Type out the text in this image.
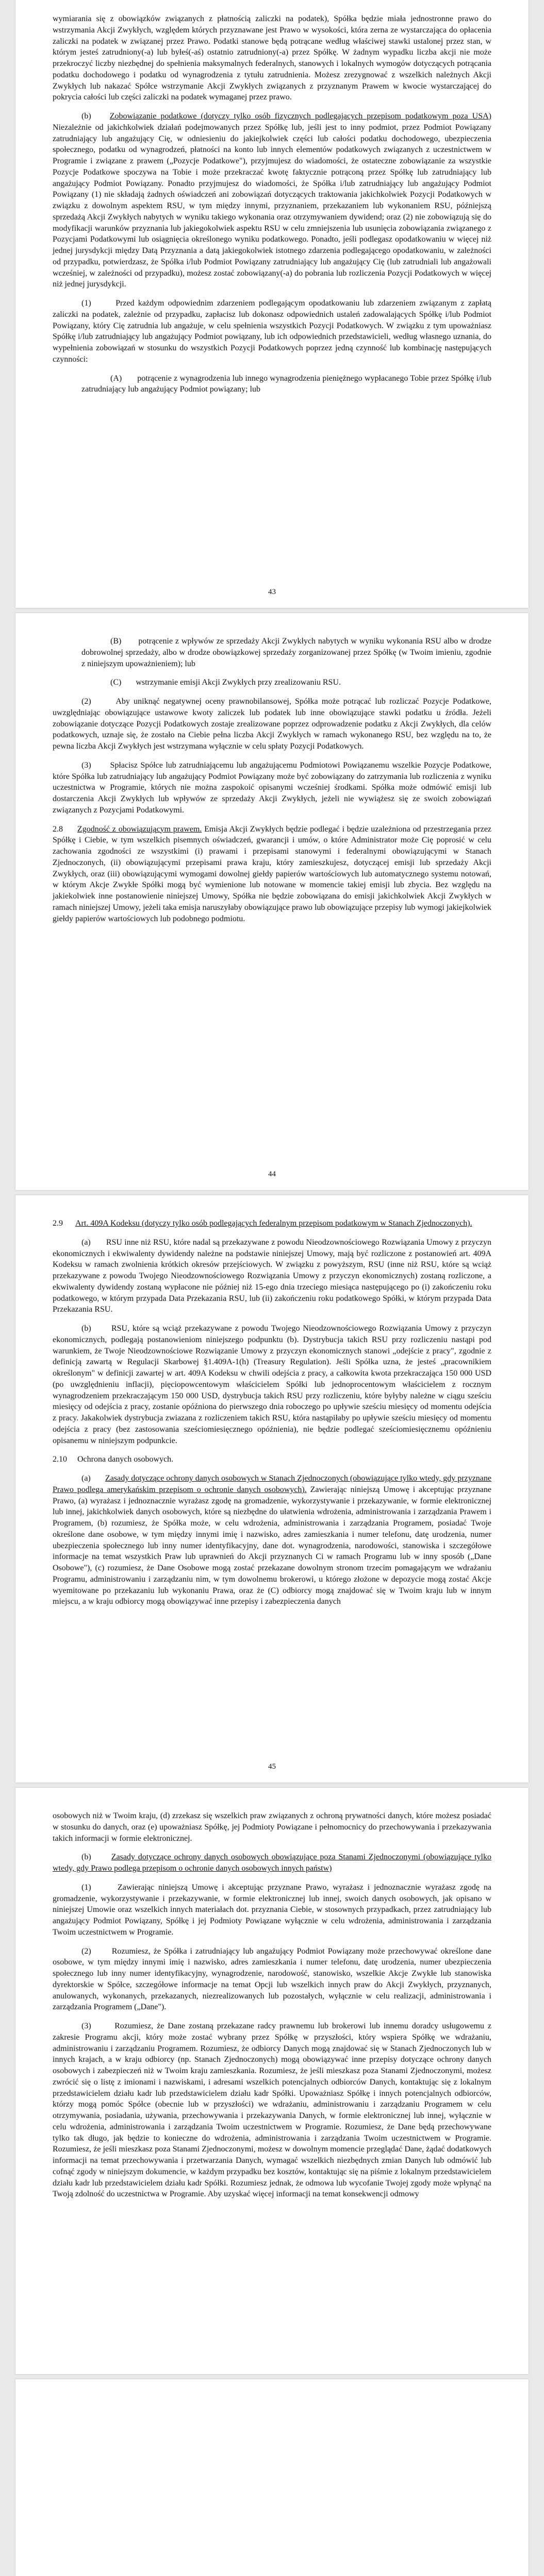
wymiarania się z obowiązków związanych z płatnością zaliczki na podatek), Spółka będzie miała jednostronne prawo do wstrzymania Akcji Zwykłych, względem których przyznawane jest Prawo w wysokości, która zerna ze wystarczająca do opłacenia zaliczki na podatek w związanej przez Prawo. Podatki stanowe będą potrącane według właściwej stawki ustalonej przez stan, w którym jesteś zatrudniony(-a) lub byłeś(-aś) ostatnio zatrudniony(-a) przez Spółkę. W żadnym wypadku liczba akcji nie może przekroczyć liczby niezbędnej do spełnienia maksymalnych federalnych, stanowych i lokalnych wymogów dotyczących potrącania podatku dochodowego i podatku od wynagrodzenia z tytułu zatrudnienia. Możesz zrezygnować z wszelkich należnych Akcji Zwykłych lub nakazać Spółce wstrzymanie Akcji Zwykłych związanych z przyznanym Prawem w kwocie wystarczającej do pokrycia całości lub części zaliczki na podatek wymaganej przez prawo.

(b) Zobowiązanie podatkowe (dotyczy tylko osób fizycznych podlegających przepisom podatkowym poza USA) Niezależnie od jakichkolwiek działań podejmowanych przez Spółkę lub, jeśli jest to inny podmiot, przez Podmiot Powiązany zatrudniający lub angażujący Cię, w odniesieniu do jakiejkolwiek części lub całości podatku dochodowego, ubezpieczenia społecznego, podatku od wynagrodzeń, płatności na konto lub innych elementów podatkowych związanych z uczestnictwem w Programie i związane z prawem („Pozycje Podatkowe"), przyjmujesz do wiadomości, że ostateczne zobowiązanie za wszystkie Pozycje Podatkowe spoczywa na Tobie i może przekraczać kwotę faktycznie potrąconą przez Spółkę lub zatrudniający lub angażujący Podmiot Powiązany. Ponadto przyjmujesz do wiadomości, że Spółka i/lub zatrudniający lub angażujący Podmiot Powiązany (1) nie składają żadnych oświadczeń ani zobowiązań dotyczących traktowania jakichkolwiek Pozycji Podatkowych w związku z dowolnym aspektem RSU, w tym między innymi, przyznaniem, przekazaniem lub wykonaniem RSU, późniejszą sprzedażą Akcji Zwykłych nabytych w wyniku takiego wykonania oraz otrzymywaniem dywidend; oraz (2) nie zobowiązują się do modyfikacji warunków przyznania lub jakiegokolwiek aspektu RSU w celu zmniejszenia lub usunięcia zobowiązania związanego z Pozycjami Podatkowymi lub osiągnięcia określonego wyniku podatkowego. Ponadto, jeśli podlegasz opodatkowaniu w więcej niż jednej jurysdykcji między Datą Przyznania a datą jakiegokolwiek istotnego zdarzenia podlegającego opodatkowaniu, w zależności od przypadku, potwierdzasz, że Spółka i/lub Podmiot Powiązany zatrudniający lub angażujący Cię (lub zatrudniali lub angażowali wcześniej, w zależności od przypadku), możesz zostać zobowiązany(-a) do pobrania lub rozliczenia Pozycji Podatkowych w więcej niż jednej jurysdykcji.

(1)	Przed każdym odpowiednim zdarzeniem podlegającym opodatkowaniu lub zdarzeniem związanym z zapłatą zaliczki na podatek, zależnie od przypadku, zapłacisz lub dokonasz odpowiednich ustaleń zadowalających Spółkę i/lub Podmiot Powiązany, który Cię zatrudnia lub angażuje, w celu spełnienia wszystkich Pozycji Podatkowych. W związku z tym upoważniasz Spółkę i/lub zatrudniający lub angażujący Podmiot powiązany, lub ich odpowiednich przedstawicieli, według własnego uznania, do wypełnienia zobowiązań w stosunku do wszystkich Pozycji Podatkowych poprzez jedną czynność lub kombinację następujących czynności:

(A) potrącenie z wynagrodzenia lub innego wynagrodzenia pieniężnego wypłacanego Tobie przez Spółkę i/lub zatrudniający lub angażujący Podmiot powiązany; lub

43

(B) potrącenie z wpływów ze sprzedaży Akcji Zwykłych nabytych w wyniku wykonania RSU albo w drodze dobrowolnej sprzedaży, albo w drodze obowiązkowej sprzedaży zorganizowanej przez Spółkę (w Twoim imieniu, zgodnie z niniejszym upoważnieniem); lub

(C) wstrzymanie emisji Akcji Zwykłych przy zrealizowaniu RSU.

(2)	Aby uniknąć negatywnej oceny prawnobilansowej, Spółka może potrącać lub rozliczać Pozycje Podatkowe, uwzględniając obowiązujące ustawowe kwoty zaliczek lub podatek lub inne obowiązujące stawki podatku u źródła. Jeżeli zobowiązanie dotyczące Pozycji Podatkowych zostaje zrealizowane poprzez odprowadzenie podatku z Akcji Zwykłych, dla celów podatkowych, uznaje się, że zostało na Ciebie pełna liczba Akcji Zwykłych w ramach wykonanego RSU, bez względu na to, że pewna liczba Akcji Zwykłych jest wstrzymana wyłącznie w celu spłaty Pozycji Podatkowych.

(3) Spłacisz Spółce lub zatrudniającemu lub angażującemu Podmiotowi Powiązanemu wszelkie Pozycje Podatkowe, które Spółka lub zatrudniający lub angażujący Podmiot Powiązany może być zobowiązany do zatrzymania lub rozliczenia z wyniku uczestnictwa w Programie, których nie można zaspokoić opisanymi wcześniej środkami. Spółka może odmówić emisji lub dostarczenia Akcji Zwykłych lub wpływów ze sprzedaży Akcji Zwykłych, jeżeli nie wywiążesz się ze swoich zobowiązań związanych z Pozycjami Podatkowymi.

2.8 Zgodność z obowiązującym prawem. Emisja Akcji Zwykłych będzie podlegać i będzie uzależniona od przestrzegania przez Spółkę i Ciebie, w tym wszelkich pisemnych oświadczeń, gwarancji i umów, o które Administrator może Cię poprosić w celu zachowania zgodności ze wszystkimi (i) prawami i przepisami stanowymi i federalnymi obowiązującymi w Stanach Zjednoczonych, (ii) obowiązującymi przepisami prawa kraju, który zamieszkujesz, dotyczącej emisji lub sprzedaży Akcji Zwykłych, oraz (iii) obowiązującymi wymogami dowolnej giełdy papierów wartościowych lub automatycznego systemu notowań, w którym Akcje Zwykłe Spółki mogą być wymienione lub notowane w momencie takiej emisji lub zbycia. Bez względu na jakiekolwiek inne postanowienie niniejszej Umowy, Spółka nie będzie zobowiązana do emisji jakichkolwiek Akcji Zwykłych w ramach niniejszej Umowy, jeżeli taka emisja naruszyłaby obowiązujące prawo lub obowiązujące przepisy lub wymogi jakiejkolwiek giełdy papierów wartościowych lub podobnego podmiotu.

44

2.9 Art. 409A Kodeksu (dotyczy tylko osób podlegających federalnym przepisom podatkowym w Stanach Zjednoczonych).

(a) RSU inne niż RSU, które nadal są przekazywane z powodu Nieodzownościowego Rozwiązania Umowy z przyczyn ekonomicznych i ekwiwalenty dywidendy należne na podstawie niniejszej Umowy, mają być rozliczone z postanowień art. 409A Kodeksu w ramach zwolnienia krótkich okresów przejściowych. W związku z powyższym, RSU (inne niż RSU, które są wciąż przekazywane z powodu Twojego Nieodzownościowego Rozwiązania Umowy z przyczyn ekonomicznych) zostaną rozliczone, a ekwiwalenty dywidendy zostaną wypłacone nie później niż 15-ego dnia trzeciego miesiąca następującego po (i) zakończeniu roku podatkowego, w którym przypada Data Przekazania RSU, lub (ii) zakończeniu roku podatkowego Spółki, w którym przypada Data Przekazania RSU.

(b) RSU, które są wciąż przekazywane z powodu Twojego Nieodzownościowego Rozwiązania Umowy z przyczyn ekonomicznych, podlegają postanowieniom niniejszego podpunktu (b). Dystrybucja takich RSU przy rozliczeniu nastąpi pod warunkiem, że Twoje Nieodzownościowe Rozwiązanie Umowy z przyczyn ekonomicznych stanowi „odejście z pracy", zgodnie z definicją zawartą w Regulacji Skarbowej §1.409A-1(h) (Treasury Regulation). Jeśli Spółka uzna, że jesteś „pracownikiem określonym" w definicji zawartej w art. 409A Kodeksu w chwili odejścia z pracy, a całkowita kwota przekraczająca 150 000 USD (po uwzględnieniu inflacji), pięciopowcentowym właścicielem Spółki lub jednoprocentowym właścicielem z rocznym wynagrodzeniem przekraczającym 150 000 USD, dystrybucja takich RSU przy rozliczeniu, które byłyby należne w ciągu sześciu miesięcy od odejścia z pracy, zostanie opóźniona do pierwszego dnia roboczego po upływie sześciu miesięcy od momentu odejścia z pracy. Jakakolwiek dystrybucja zwiazana z rozliczeniem takich RSU, która nastąpiłaby po upływie sześciu miesięcy od momentu odejścia z pracy (bez zastosowania sześciomiesięcznego opóźnienia), nie będzie podlegać sześciomiesięcznemu opóźnieniu opisanemu w niniejszym podpunkcie.

2.10 Ochrona danych osobowych.

(a) Zasady dotyczące ochrony danych osobowych w Stanach Zjednoczonych (obowiązujące tylko wtedy, gdy przyznane Prawo podlega amerykańskim przepisom o ochronie danych osobowych). Zawierając niniejszą Umowę i akceptując przyznane Prawo, (a) wyrażasz i jednoznacznie wyrażasz zgodę na gromadzenie, wykorzystywanie i przekazywanie, w formie elektronicznej lub innej, jakichkolwiek danych osobowych, które są niezbędne do ułatwienia wdrożenia, administrowania i zarządzania Prawem i Programem, (b) rozumiesz, że Spółka może, w celu wdrożenia, administrowania i zarządzania Programem, posiadać Twoje określone dane osobowe, w tym między innymi imię i nazwisko, adres zamieszkania i numer telefonu, datę urodzenia, numer ubezpieczenia społecznego lub inny numer identyfikacyjny, dane dot. wynagrodzenia, narodowości, stanowiska i szczegółowe informacje na temat wszystkich Praw lub uprawnień do Akcji przyznanych Ci w ramach Programu lub w inny sposób („Dane Osobowe"), (c) rozumiesz, że Dane Osobowe mogą zostać przekazane dowolnym stronom trzecim pomagającym we wdrażaniu Programu, administrowaniu i zarządzaniu nim, w tym dowolnemu brokerowi, u którego złożone w depozycie mogą zostać Akcje wyemitowane po przekazaniu lub wykonaniu Prawa, oraz że (C) odbiorcy mogą znajdować się w Twoim kraju lub w innym miejscu, a w kraju odbiorcy mogą obowiązywać inne przepisy i zabezpieczenia danych

45

osobowych niż w Twoim kraju, (d) zrzekasz się wszelkich praw związanych z ochroną prywatności danych, które możesz posiadać w stosunku do danych, oraz (e) upoważniasz Spółkę, jej Podmioty Powiązane i pełnomocnicy do przechowywania i przekazywania takich informacji w formie elektronicznej.

(b) Zasady dotyczące ochrony danych osobowych obowiązujące poza Stanami Zjednoczonymi (obowiązujące tylko wtedy, gdy Prawo podlega przepisom o ochronie danych osobowych innych państw)

(1)	Zawierając niniejszą Umowę i akceptując przyznane Prawo, wyrażasz i jednoznacznie wyrażasz zgodę na gromadzenie, wykorzystywanie i przekazywanie, w formie elektronicznej lub innej, swoich danych osobowych, jak opisano w niniejszej Umowie oraz wszelkich innych materiałach dot. przyznania Ciebie, w stosownych przypadkach, przez zatrudniający lub angażujący Podmiot Powiązany, Spółkę i jej Podmioty Powiązane wyłącznie w celu wdrożenia, administrowania i zarządzania Twoim uczestnictwem w Programie.

(2)	Rozumiesz, że Spółka i zatrudniający lub angażujący Podmiot Powiązany może przechowywać określone dane osobowe, w tym między innymi imię i nazwisko, adres zamieszkania i numer telefonu, datę urodzenia, numer ubezpieczenia społecznego lub inny numer identyfikacyjny, wynagrodzenie, narodowość, stanowisko, wszelkie Akcje Zwykłe lub stanowiska dyrektorskie w Spółce, szczegółowe informacje na temat Opcji lub wszelkich innych praw do Akcji Zwykłych, przyznanych, anulowanych, wykonanych, przekazanych, niezrealizowanych lub pozostałych, wyłącznie w celu realizacji, administrowania i zarządzania Programem („Dane").

(3)	Rozumiesz, że Dane zostaną przekazane radcy prawnemu lub brokerowi lub innemu doradcy usługowemu z zakresie Programu akcji, który może zostać wybrany przez Spółkę w przyszłości, który wspiera Spółkę we wdrażaniu, administrowaniu i zarządzaniu Programem. Rozumiesz, że odbiorcy Danych mogą znajdować się w Stanach Zjednoczonych lub w innych krajach, a w kraju odbiorcy (np. Stanach Zjednoczonych) mogą obowiązywać inne przepisy dotyczące ochrony danych osobowych i zabezpieczeń niż w Twoim kraju zamieszkania. Rozumiesz, że jeśli mieszkasz poza Stanami Zjednoczonymi, możesz zwrócić się o listę z imionami i nazwiskami, i adresami wszelkich potencjalnych odbiorców Danych, kontaktując się z lokalnym przedstawicielem działu kadr lub przedstawicielem działu kadr Spółki. Upoważniasz Spółkę i innych potencjalnych odbiorców, którzy mogą pomóc Spółce (obecnie lub w przyszłości) we wdrażaniu, administrowaniu i zarządzaniu Programem w celu otrzymywania, posiadania, używania, przechowywania i przekazywania Danych, w formie elektronicznej lub innej, wyłącznie w celu wdrożenia, administrowania i zarządzania Twoim uczestnictwem w Programie. Rozumiesz, że Dane będą przechowywane tylko tak długo, jak będzie to konieczne do wdrożenia, administrowania i zarządzania Twoim uczestnictwem w Programie. Rozumiesz, że jeśli mieszkasz poza Stanami Zjednoczonymi, możesz w dowolnym momencie przeglądać Dane, żądać dodatkowych informacji na temat przechowywania i przetwarzania Danych, wymagać wszelkich niezbędnych zmian Danych lub odmówić lub cofnąć zgody w niniejszym dokumencie, w każdym przypadku bez kosztów, kontaktując się na piśmie z lokalnym przedstawicielem działu kadr lub przedstawicielem działu kadr Spółki. Rozumiesz jednak, że odmowa lub wycofanie Twojej zgody może wpłynąć na Twoją zdolność do uczestnictwa w Programie. Aby uzyskać więcej informacji na temat konsekwencji odmowy
